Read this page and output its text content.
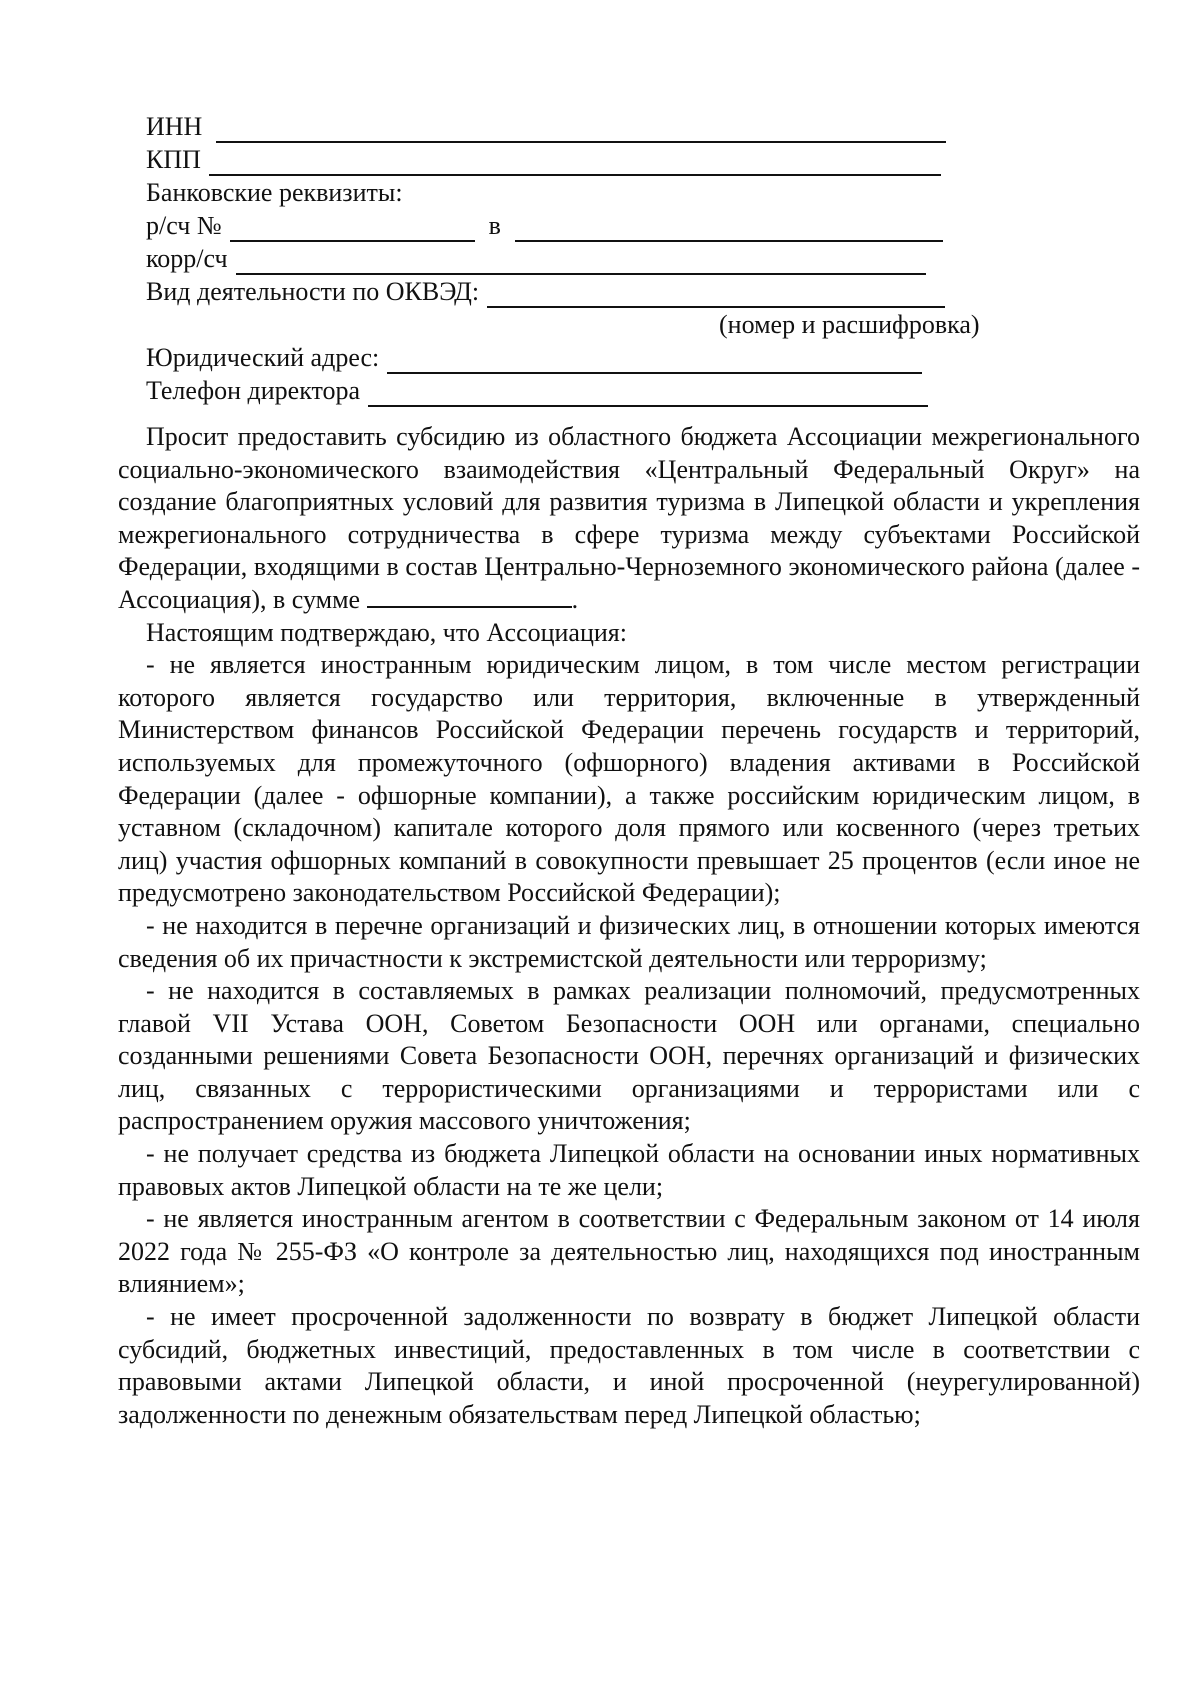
ИНН
КПП
Банковские реквизиты:
р/сч №	в
корр/сч
Вид деятельности по ОКВЭД:
(номер и расшифровка)
Юридический адрес:
Телефон директора

Просит предоставить субсидию из областного бюджета Ассоциации межрегионального социально-экономического взаимодействия «Центральный Федеральный Округ» на создание благоприятных условий для развития туризма в Липецкой области и укрепления межрегионального сотрудничества в сфере туризма между субъектами Российской Федерации, входящими в состав Центрально-Черноземного экономического района (далее - Ассоциация), в сумме	.

Настоящим подтверждаю, что Ассоциация:

- не является иностранным юридическим лицом, в том числе местом регистрации которого является государство или территория, включенные в утвержденный Министерством финансов Российской Федерации перечень государств и территорий, используемых для промежуточного (офшорного) владения активами в Российской Федерации (далее - офшорные компании), а также российским юридическим лицом, в уставном (складочном) капитале которого доля прямого или косвенного (через третьих лиц) участия офшорных компаний в совокупности превышает 25 процентов (если иное не предусмотрено законодательством Российской Федерации);

- не находится в перечне организаций и физических лиц, в отношении которых имеются сведения об их причастности к экстремистской деятельности или терроризму;

- не находится в составляемых в рамках реализации полномочий, предусмотренных главой VII Устава ООН, Советом Безопасности ООН или органами, специально созданными решениями Совета Безопасности ООН, перечнях организаций и физических лиц, связанных с террористическими организациями и террористами или с распространением оружия массового уничтожения;

- не получает средства из бюджета Липецкой области на основании иных нормативных правовых актов Липецкой области на те же цели;

- не является иностранным агентом в соответствии с Федеральным законом от 14 июля 2022 года № 255-ФЗ «О контроле за деятельностью лиц, находящихся под иностранным влиянием»;

- не имеет просроченной задолженности по возврату в бюджет Липецкой области субсидий, бюджетных инвестиций, предоставленных в том числе в соответствии с правовыми актами Липецкой области, и иной просроченной (неурегулированной) задолженности по денежным обязательствам перед Липецкой областью;
